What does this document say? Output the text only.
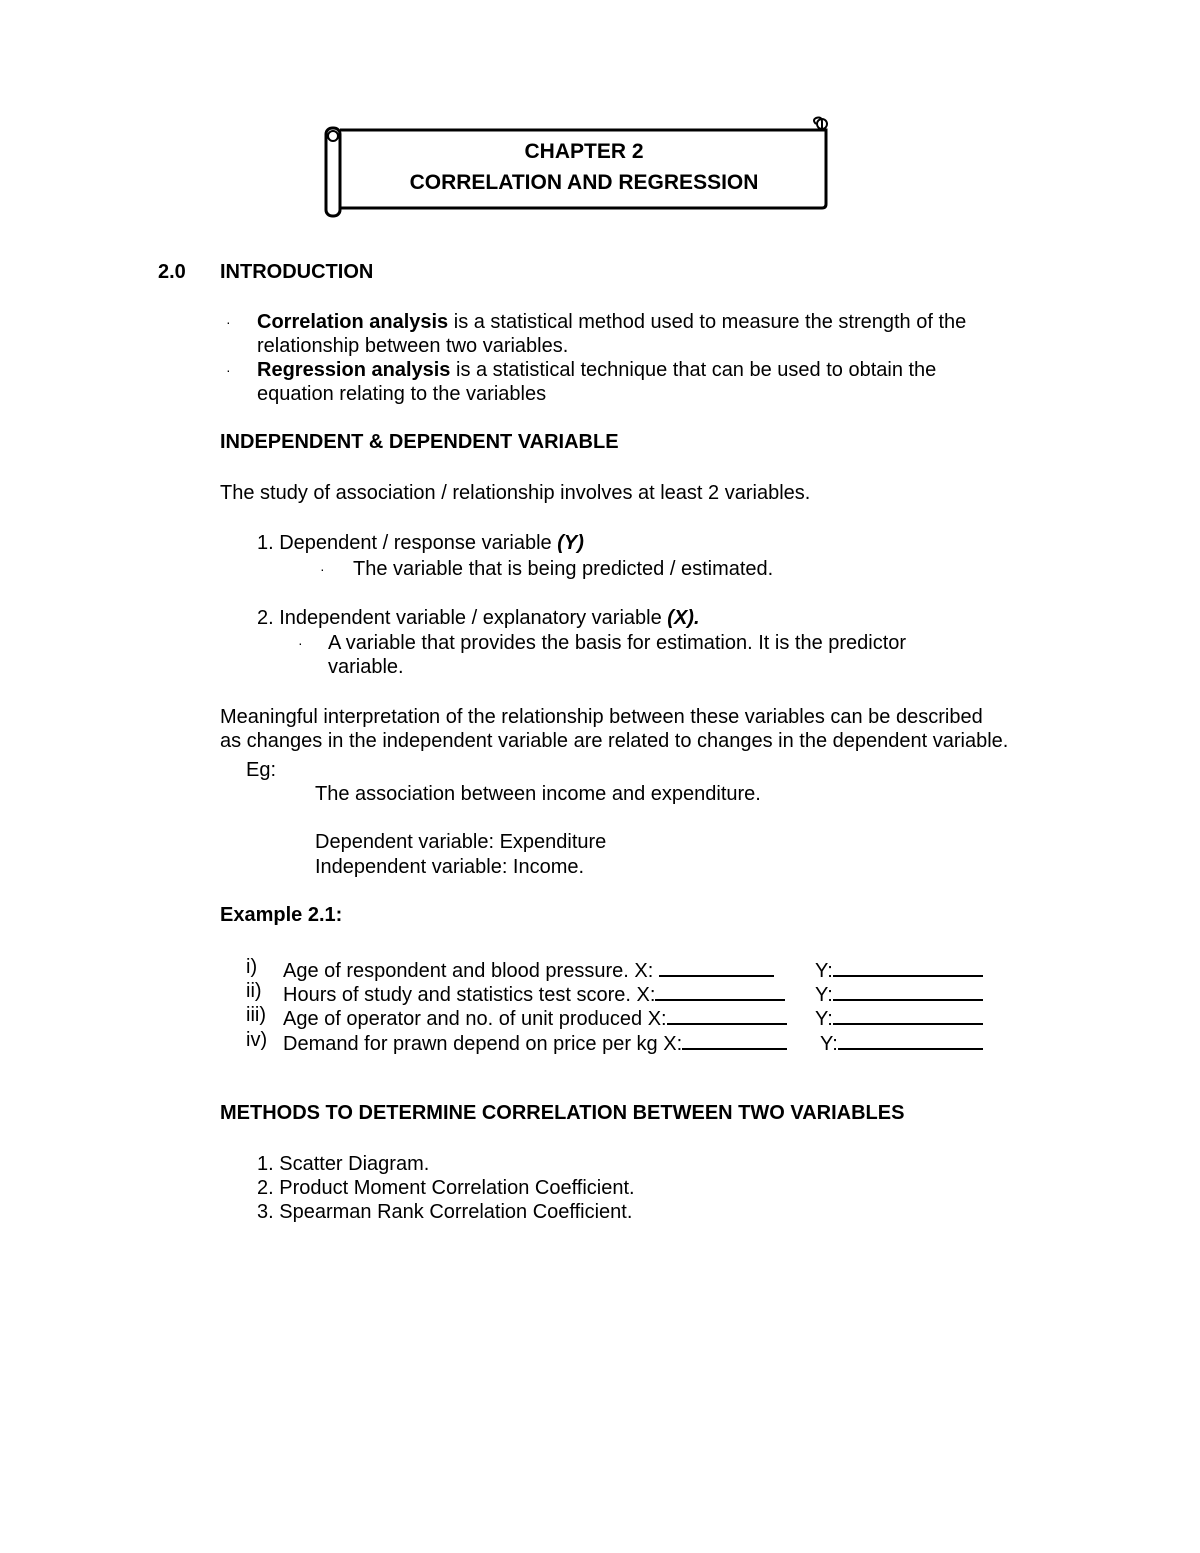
CHAPTER 2
CORRELATION AND REGRESSION
2.0 INTRODUCTION
· Correlation analysis is a statistical method used to measure the strength of the
relationship between two variables.
· Regression analysis is a statistical technique that can be used to obtain the
equation relating to the variables
INDEPENDENT & DEPENDENT VARIABLE
The study of association / relationship involves at least 2 variables.
1. Dependent / response variable (Y)
· The variable that is being predicted / estimated.
2. Independent variable / explanatory variable (X).
· A variable that provides the basis for estimation. It is the predictor
variable.
Meaningful interpretation of the relationship between these variables can be described
as changes in the independent variable are related to changes in the dependent variable.
Eg:
The association between income and expenditure.
Dependent variable: Expenditure
Independent variable: Income.
Example 2.1:
i) Age of respondent and blood pressure. X:	Y:
ii) Hours of study and statistics test score. X:	Y:
iii) Age of operator and no. of unit produced X:	Y:
iv) Demand for prawn depend on price per kg X:	Y:
METHODS TO DETERMINE CORRELATION BETWEEN TWO VARIABLES
1. Scatter Diagram.
2. Product Moment Correlation Coefficient.
3. Spearman Rank Correlation Coefficient.
